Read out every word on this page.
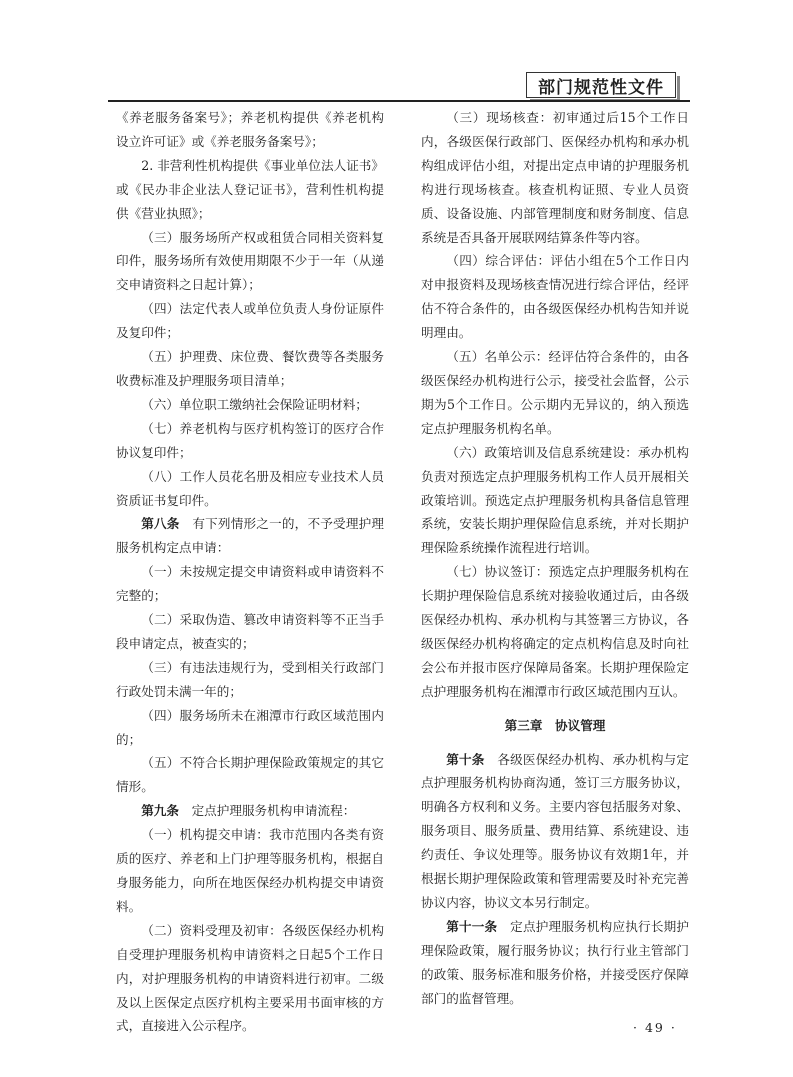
部门规范性文件

《养老服务备案号》；养老机构提供《养老机构设立许可证》或《养老服务备案号》；

2. 非营利性机构提供《事业单位法人证书》或《民办非企业法人登记证书》，营利性机构提供《营业执照》；

（三）服务场所产权或租赁合同相关资料复印件，服务场所有效使用期限不少于一年（从递交申请资料之日起计算）；

（四）法定代表人或单位负责人身份证原件及复印件；

（五）护理费、床位费、餐饮费等各类服务收费标准及护理服务项目清单；

（六）单位职工缴纳社会保险证明材料；

（七）养老机构与医疗机构签订的医疗合作协议复印件；

（八）工作人员花名册及相应专业技术人员资质证书复印件。

第八条　有下列情形之一的，不予受理护理服务机构定点申请：

（一）未按规定提交申请资料或申请资料不完整的；

（二）采取伪造、篡改申请资料等不正当手段申请定点，被查实的；

（三）有违法违规行为，受到相关行政部门行政处罚未满一年的；

（四）服务场所未在湘潭市行政区域范围内的；

（五）不符合长期护理保险政策规定的其它情形。

第九条　定点护理服务机构申请流程：

（一）机构提交申请：我市范围内各类有资质的医疗、养老和上门护理等服务机构，根据自身服务能力，向所在地医保经办机构提交申请资料。

（二）资料受理及初审：各级医保经办机构自受理护理服务机构申请资料之日起5个工作日内，对护理服务机构的申请资料进行初审。二级及以上医保定点医疗机构主要采用书面审核的方式，直接进入公示程序。

（三）现场核查：初审通过后15个工作日内，各级医保行政部门、医保经办机构和承办机构组成评估小组，对提出定点申请的护理服务机构进行现场核查。核查机构证照、专业人员资质、设备设施、内部管理制度和财务制度、信息系统是否具备开展联网结算条件等内容。

（四）综合评估：评估小组在5个工作日内对申报资料及现场核查情况进行综合评估，经评估不符合条件的，由各级医保经办机构告知并说明理由。

（五）名单公示：经评估符合条件的，由各级医保经办机构进行公示，接受社会监督，公示期为5个工作日。公示期内无异议的，纳入预选定点护理服务机构名单。

（六）政策培训及信息系统建设：承办机构负责对预选定点护理服务机构工作人员开展相关政策培训。预选定点护理服务机构具备信息管理系统，安装长期护理保险信息系统，并对长期护理保险系统操作流程进行培训。

（七）协议签订：预选定点护理服务机构在长期护理保险信息系统对接验收通过后，由各级医保经办机构、承办机构与其签署三方协议，各级医保经办机构将确定的定点机构信息及时向社会公布并报市医疗保障局备案。长期护理保险定点护理服务机构在湘潭市行政区域范围内互认。

第三章　协议管理

第十条　各级医保经办机构、承办机构与定点护理服务机构协商沟通，签订三方服务协议，明确各方权利和义务。主要内容包括服务对象、服务项目、服务质量、费用结算、系统建设、违约责任、争议处理等。服务协议有效期1年，并根据长期护理保险政策和管理需要及时补充完善协议内容，协议文本另行制定。

第十一条　定点护理服务机构应执行长期护理保险政策，履行服务协议；执行行业主管部门的政策、服务标准和服务价格，并接受医疗保障部门的监督管理。

· 49 ·
